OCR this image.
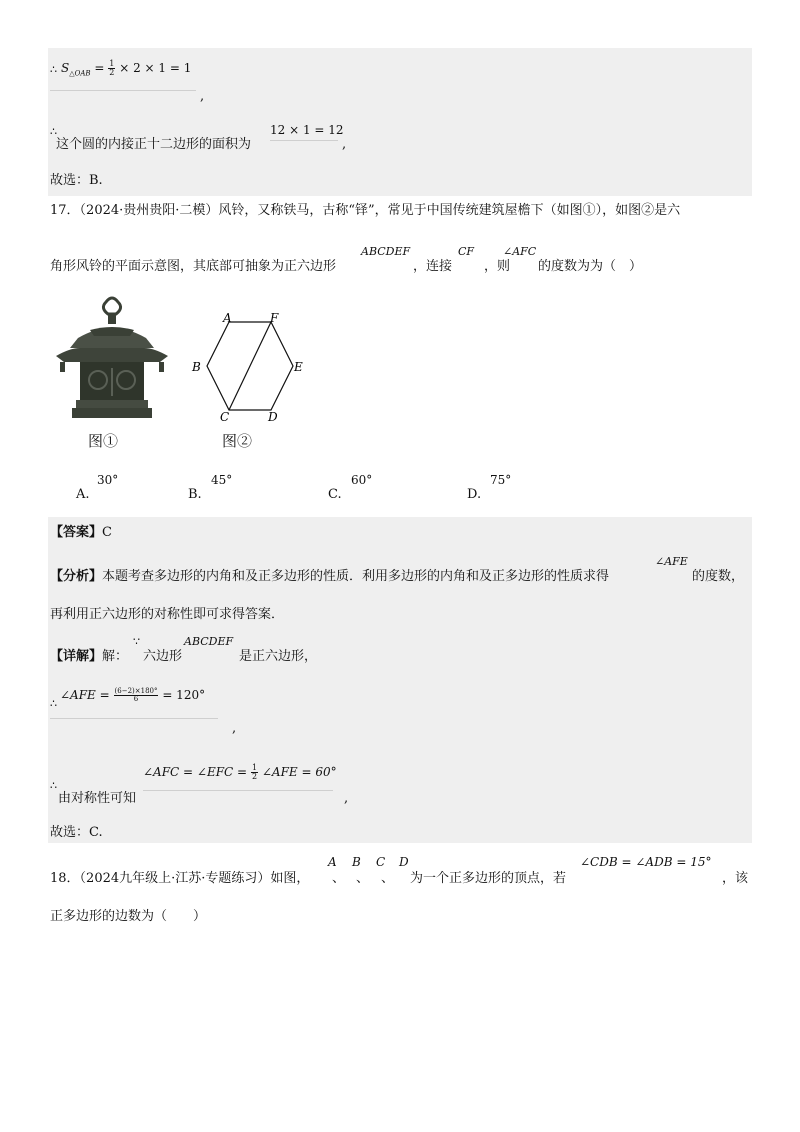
∴ $S_{\triangle OAB} = \frac{1}{2} \times 2 \times 1 = 1$
,
∴
这个圆的内接正十二边形的面积为
12 × 1 = 12
,
故选：B.
17．（2024·贵州贵阳·二模）风铃，又称铁马，古称“铎”，常见于中国传统建筑屋檐下（如图①），如图②是六
角形风铃的平面示意图，其底部可抽象为正六边形
ABCDEF
，连接
CF
，则
∠AFC
的度数为为（　）
A	F
B	E
C	D
图①	图②
A.
30°
B.
45°
C.
60°
D.
75°
【答案】C
【分析】本题考查多边形的内角和及正多边形的性质．利用多边形的内角和及正多边形的性质求得
∠AFE
的度数，
再利用正六边形的对称性即可求得答案．
【详解】解：
∵
六边形
ABCDEF
是正六边形，
∴
∠AFE = $\frac{(6-2)\times 180^\circ}{6} = 120^\circ$
,
∴
由对称性可知
∠AFC = ∠EFC = $\frac{1}{2}$ ∠AFE = 60°
,
故选：C.
18．（2024九年级上·江苏·专题练习）如图，
A
、
B
、
C
、
D
为一个正多边形的顶点，若
∠CDB = ∠ADB = 15°
，该
正多边形的边数为（　　）
